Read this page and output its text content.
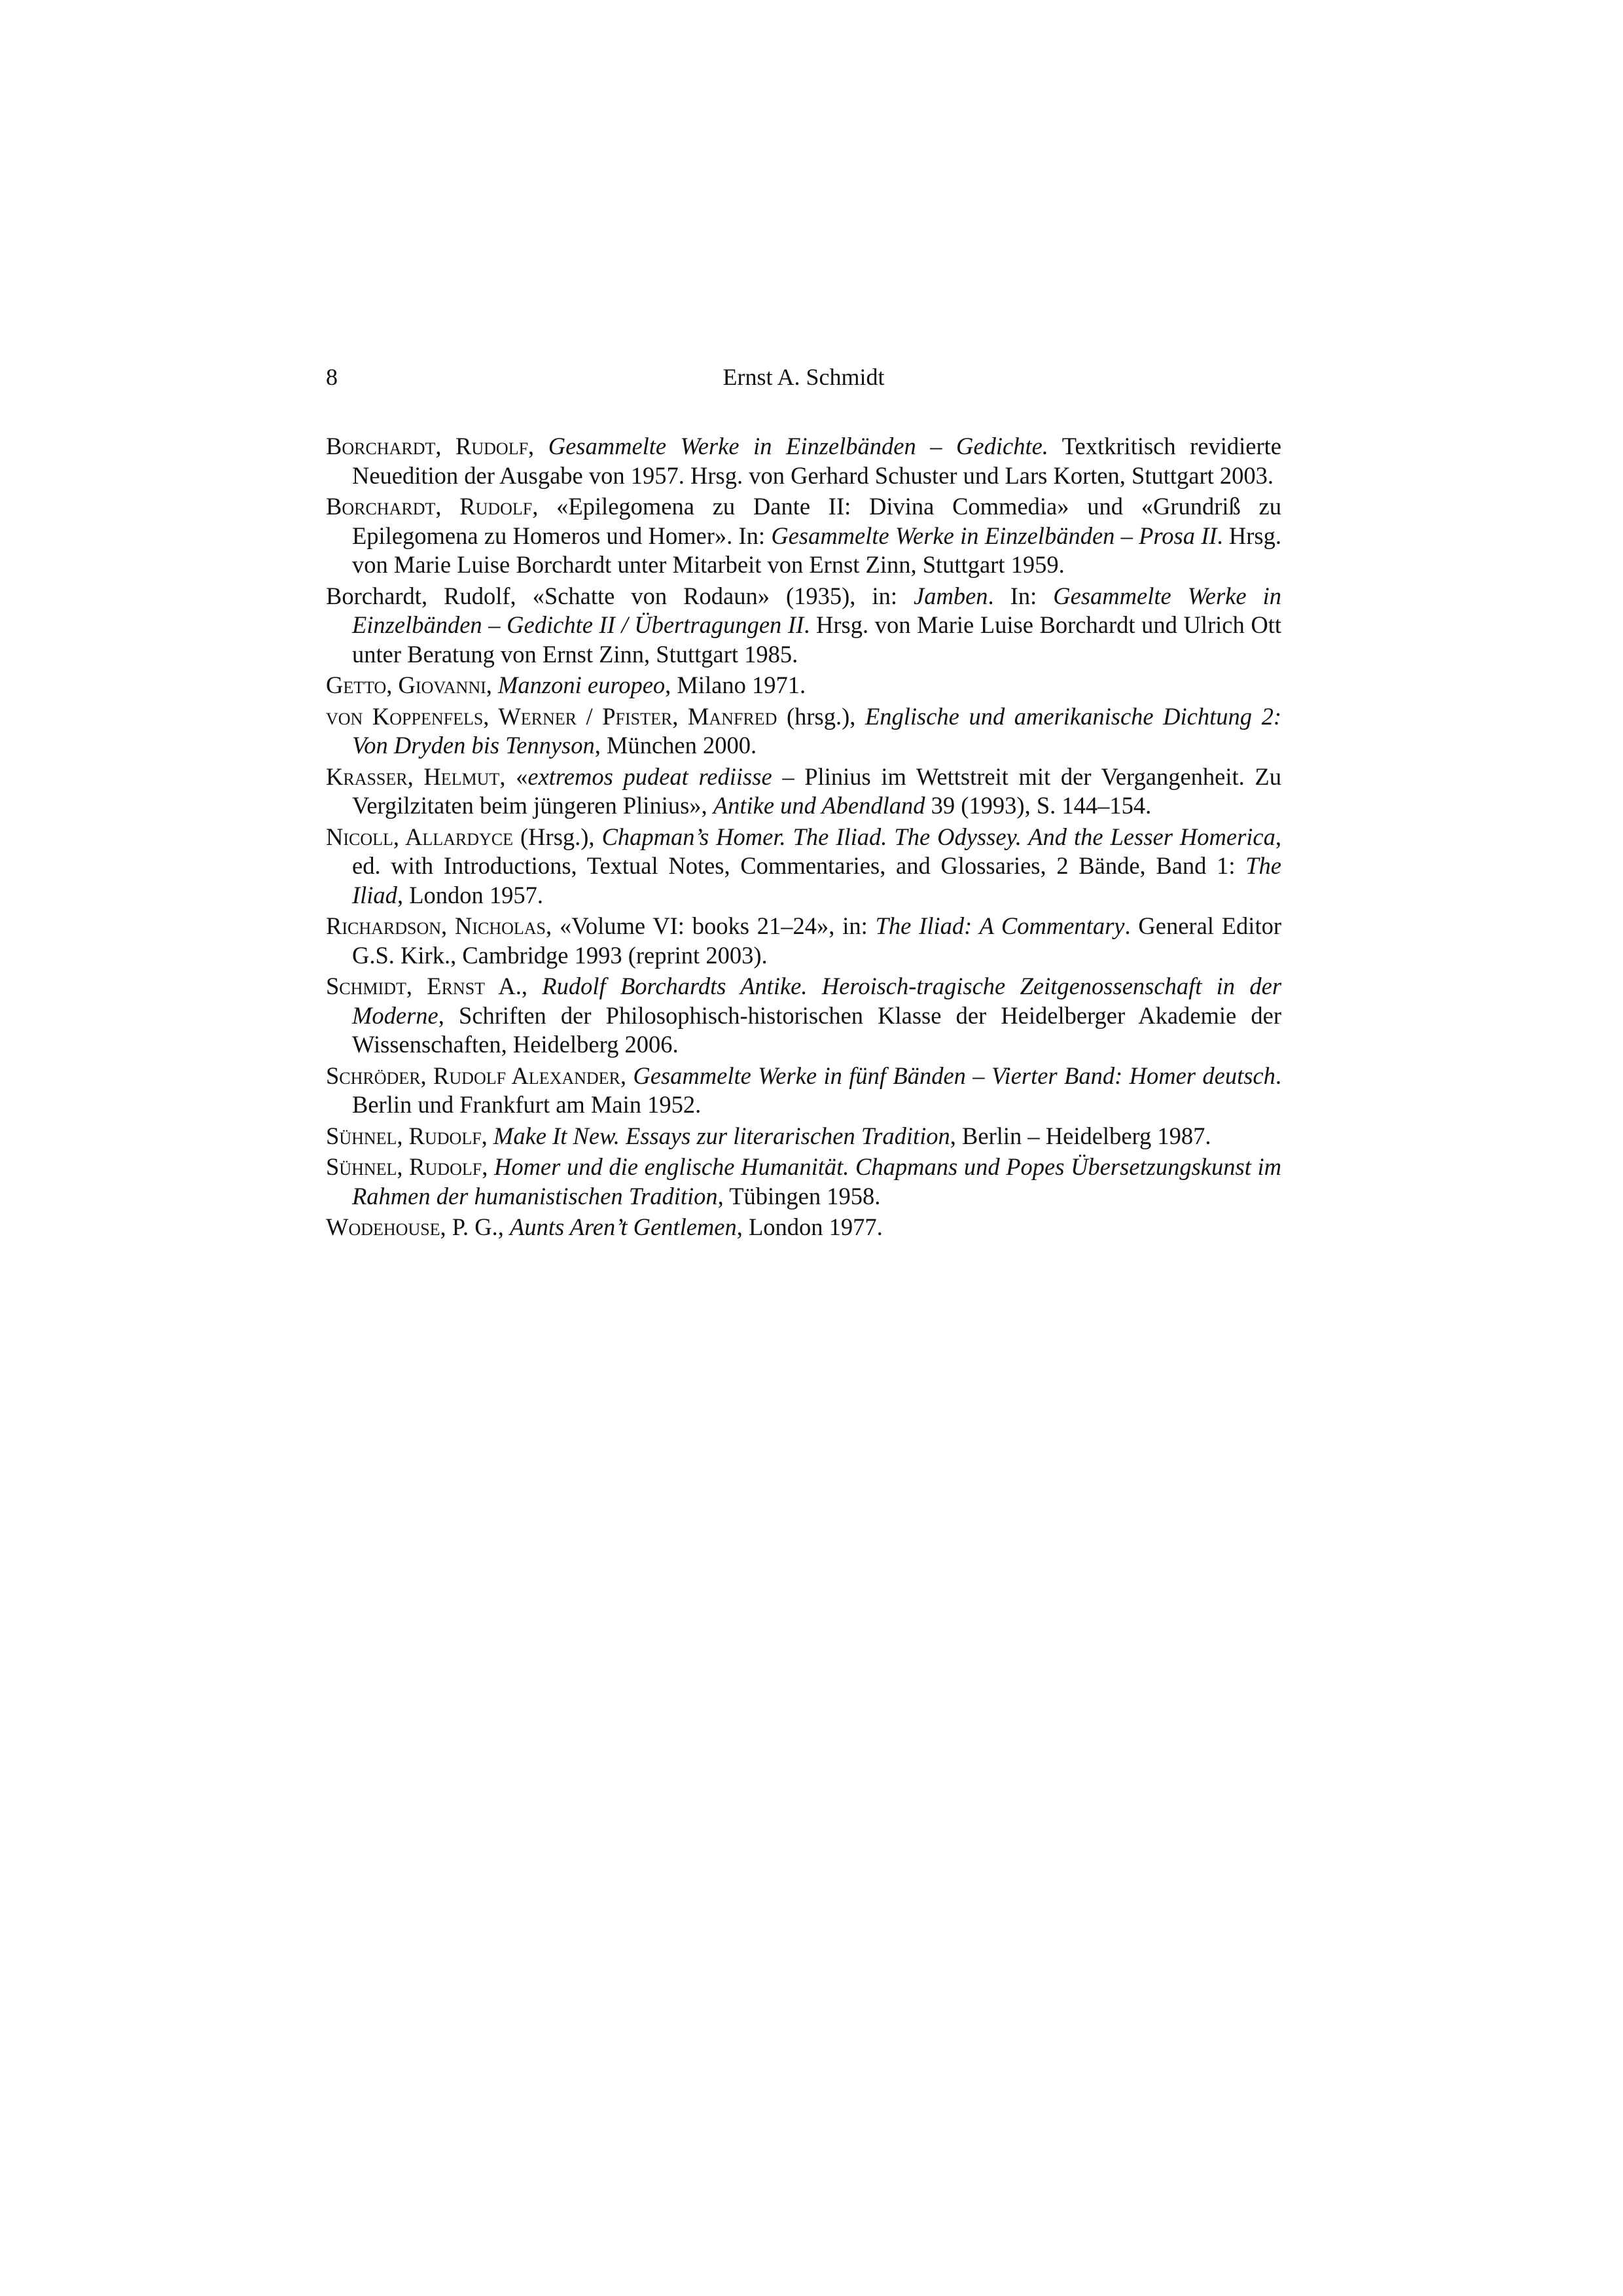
8	Ernst A. Schmidt
Borchardt, Rudolf, Gesammelte Werke in Einzelbänden – Gedichte. Textkritisch revidierte Neuedition der Ausgabe von 1957. Hrsg. von Gerhard Schuster und Lars Korten, Stuttgart 2003.
Borchardt, Rudolf, «Epilegomena zu Dante II: Divina Commedia» und «Grundriß zu Epilegomena zu Homeros und Homer». In: Gesammelte Werke in Einzelbänden – Prosa II. Hrsg. von Marie Luise Borchardt unter Mitarbeit von Ernst Zinn, Stuttgart 1959.
Borchardt, Rudolf, «Schatte von Rodaun» (1935), in: Jamben. In: Gesammelte Werke in Einzelbänden – Gedichte II / Übertragungen II. Hrsg. von Marie Luise Borchardt und Ulrich Ott unter Beratung von Ernst Zinn, Stuttgart 1985.
Getto, Giovanni, Manzoni europeo, Milano 1971.
von Koppenfels, Werner / Pfister, Manfred (hrsg.), Englische und amerikanische Dichtung 2: Von Dryden bis Tennyson, München 2000.
Krasser, Helmut, «extremos pudeat rediisse – Plinius im Wettstreit mit der Vergangenheit. Zu Vergilzitaten beim jüngeren Plinius», Antike und Abendland 39 (1993), S. 144–154.
Nicoll, Allardyce (Hrsg.), Chapman’s Homer. The Iliad. The Odyssey. And the Lesser Homerica, ed. with Introductions, Textual Notes, Commentaries, and Glossaries, 2 Bände, Band 1: The Iliad, London 1957.
Richardson, Nicholas, «Volume VI: books 21–24», in: The Iliad: A Commentary. General Editor G.S. Kirk., Cambridge 1993 (reprint 2003).
Schmidt, Ernst A., Rudolf Borchardts Antike. Heroisch-tragische Zeitgenossenschaft in der Moderne, Schriften der Philosophisch-historischen Klasse der Heidelberger Akademie der Wissenschaften, Heidelberg 2006.
Schröder, Rudolf Alexander, Gesammelte Werke in fünf Bänden – Vierter Band: Homer deutsch. Berlin und Frankfurt am Main 1952.
Sühnel, Rudolf, Make It New. Essays zur literarischen Tradition, Berlin – Heidelberg 1987.
Sühnel, Rudolf, Homer und die englische Humanität. Chapmans und Popes Übersetzungskunst im Rahmen der humanistischen Tradition, Tübingen 1958.
Wodehouse, P. G., Aunts Aren’t Gentlemen, London 1977.
